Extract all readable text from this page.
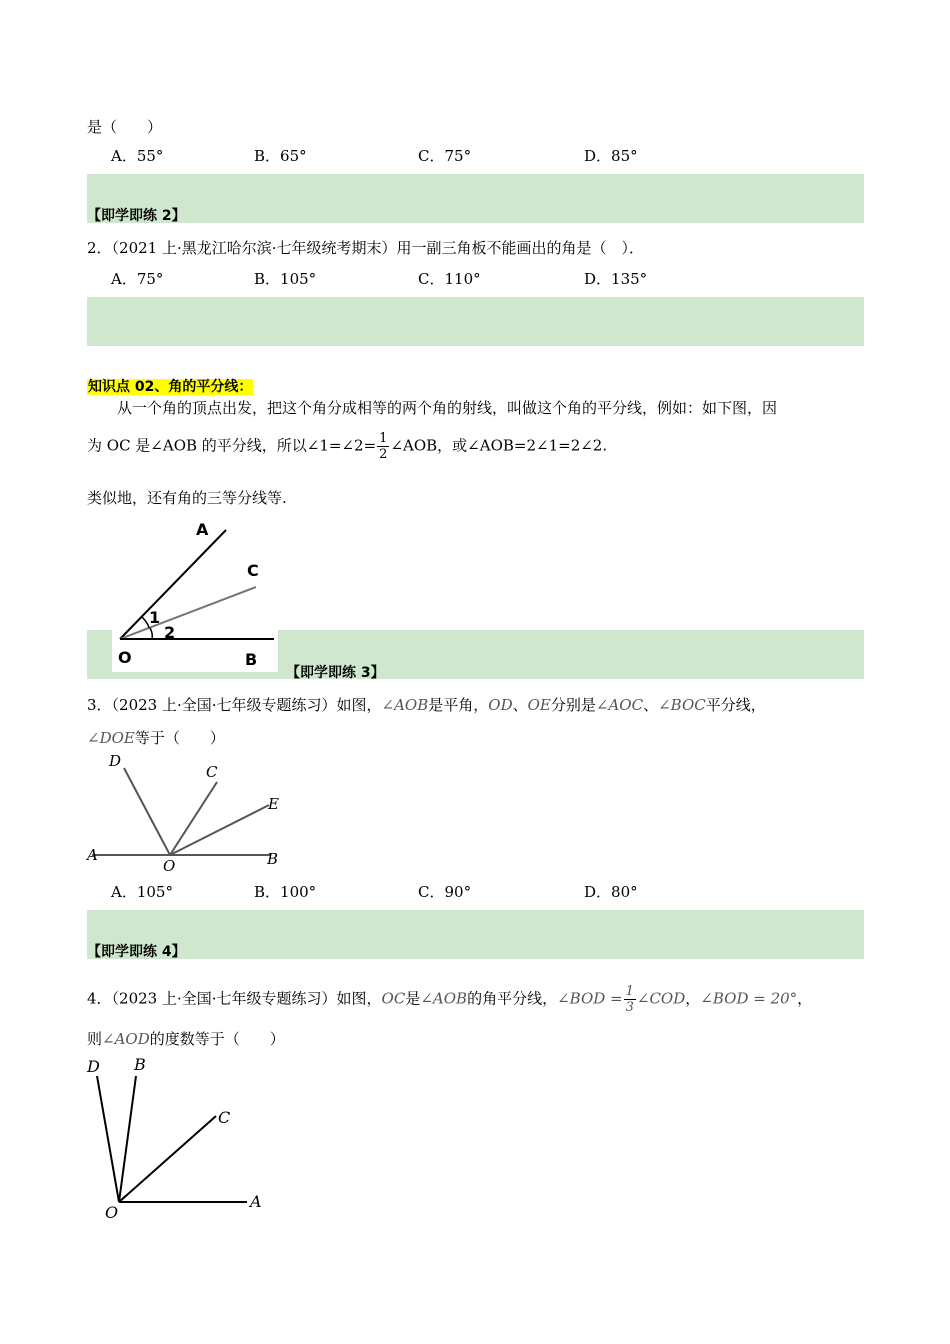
是（　　）
A．55°	B．65°	C．75°	D．85°
【即学即练 2】
2．（2021 上·黑龙江哈尔滨·七年级统考期末）用一副三角板不能画出的角是（　）．
A．75°	B．105°	C．110°	D．135°
知识点 02、角的平分线：
从一个角的顶点出发，把这个角分成相等的两个角的射线，叫做这个角的平分线，例如：如下图，因
为 OC 是∠AOB 的平分线，所以∠1=∠2= $\frac{1}{2}$ ∠AOB，或∠AOB=2∠1=2∠2.
类似地，还有角的三等分线等.
A
C
1
2
O	B
【即学即练 3】
3．（2023 上·全国·七年级专题练习）如图，∠AOB是平角，OD、OE分别是∠AOC、∠BOC平分线，
∠DOE等于（　　）
D
C
E
A
O	B
A．105°	B．100°	C．90°	D．80°
【即学即练 4】
4．（2023 上·全国·七年级专题练习）如图，OC是∠AOB的角平分线，∠BOD = $\frac{1}{3}$ ∠COD，∠BOD = 20°，
则∠AOD的度数等于（　　）
D B
C
O
A
